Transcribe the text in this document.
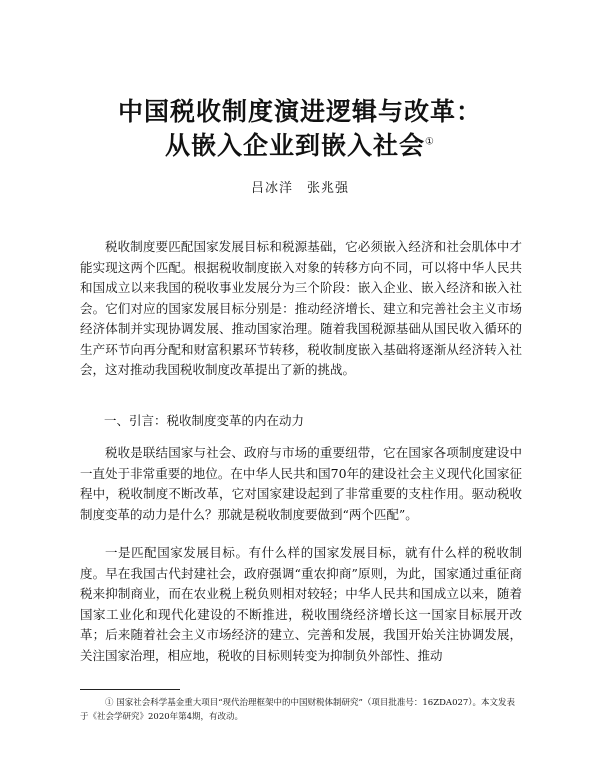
中国税收制度演进逻辑与改革：
从嵌入企业到嵌入社会①
吕冰洋　张兆强

税收制度要匹配国家发展目标和税源基础，它必须嵌入经济和社会肌体中才能实现这两个匹配。根据税收制度嵌入对象的转移方向不同，可以将中华人民共和国成立以来我国的税收事业发展分为三个阶段：嵌入企业、嵌入经济和嵌入社会。它们对应的国家发展目标分别是：推动经济增长、建立和完善社会主义市场经济体制并实现协调发展、推动国家治理。随着我国税源基础从国民收入循环的生产环节向再分配和财富积累环节转移，税收制度嵌入基础将逐渐从经济转入社会，这对推动我国税收制度改革提出了新的挑战。

一、引言：税收制度变革的内在动力

税收是联结国家与社会、政府与市场的重要纽带，它在国家各项制度建设中一直处于非常重要的地位。在中华人民共和国70年的建设社会主义现代化国家征程中，税收制度不断改革，它对国家建设起到了非常重要的支柱作用。驱动税收制度变革的动力是什么？那就是税收制度要做到“两个匹配”。

一是匹配国家发展目标。有什么样的国家发展目标，就有什么样的税收制度。早在我国古代封建社会，政府强调“重农抑商”原则，为此，国家通过重征商税来抑制商业，而在农业税上税负则相对较轻；中华人民共和国成立以来，随着国家工业化和现代化建设的不断推进，税收围绕经济增长这一国家目标展开改革；后来随着社会主义市场经济的建立、完善和发展，我国开始关注协调发展，关注国家治理，相应地，税收的目标则转变为抑制负外部性、推动

① 国家社会科学基金重大项目“现代治理框架中的中国财税体制研究”（项目批准号：16ZDA027）。本文发表于《社会学研究》2020年第4期，有改动。
